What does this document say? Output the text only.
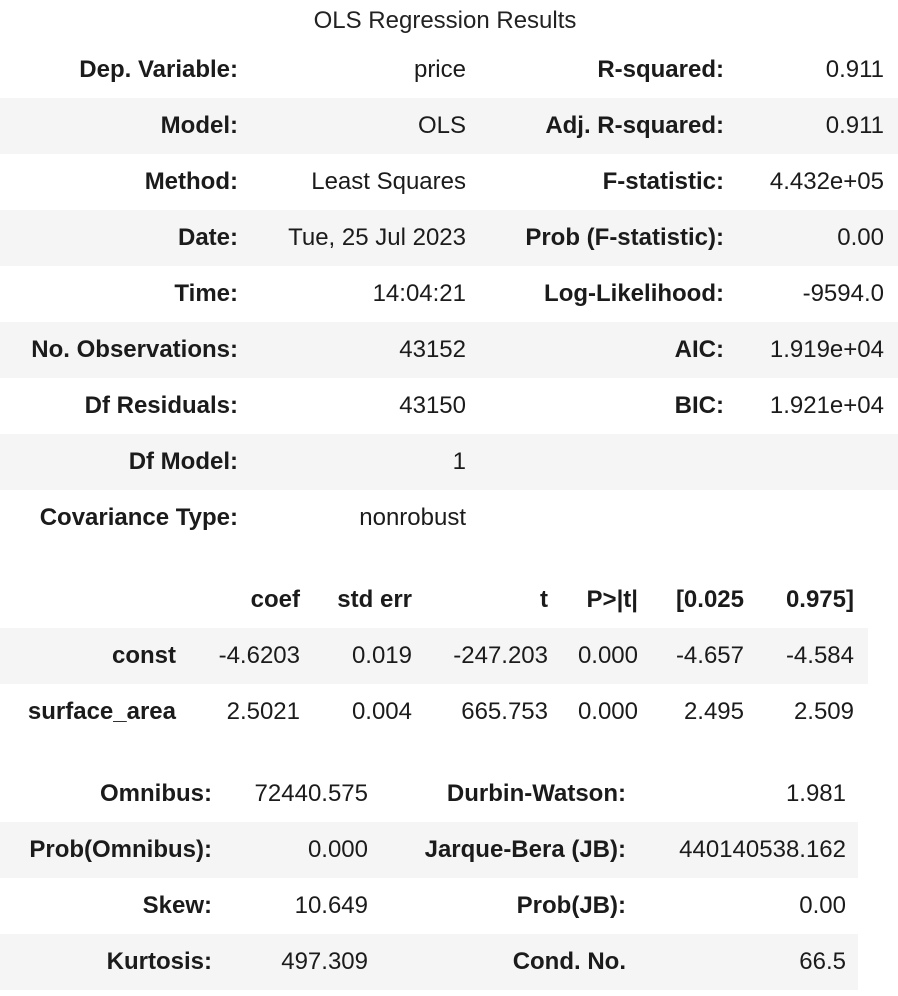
OLS Regression Results
Dep. Variable:	price	R-squared:	0.911
Model:	OLS	Adj. R-squared:	0.911
Method:	Least Squares	F-statistic:	4.432e+05
Date:	Tue, 25 Jul 2023	Prob (F-statistic):	0.00
Time:	14:04:21	Log-Likelihood:	-9594.0
No. Observations:	43152	AIC:	1.919e+04
Df Residuals:	43150	BIC:	1.921e+04
Df Model:	1		
Covariance Type:	nonrobust		
	coef	std err	t	P>|t|	[0.025	0.975]
const	-4.6203	0.019	-247.203	0.000	-4.657	-4.584
surface_area	2.5021	0.004	665.753	0.000	2.495	2.509
Omnibus:	72440.575	Durbin-Watson:	1.981
Prob(Omnibus):	0.000	Jarque-Bera (JB):	440140538.162
Skew:	10.649	Prob(JB):	0.00
Kurtosis:	497.309	Cond. No.	66.5
